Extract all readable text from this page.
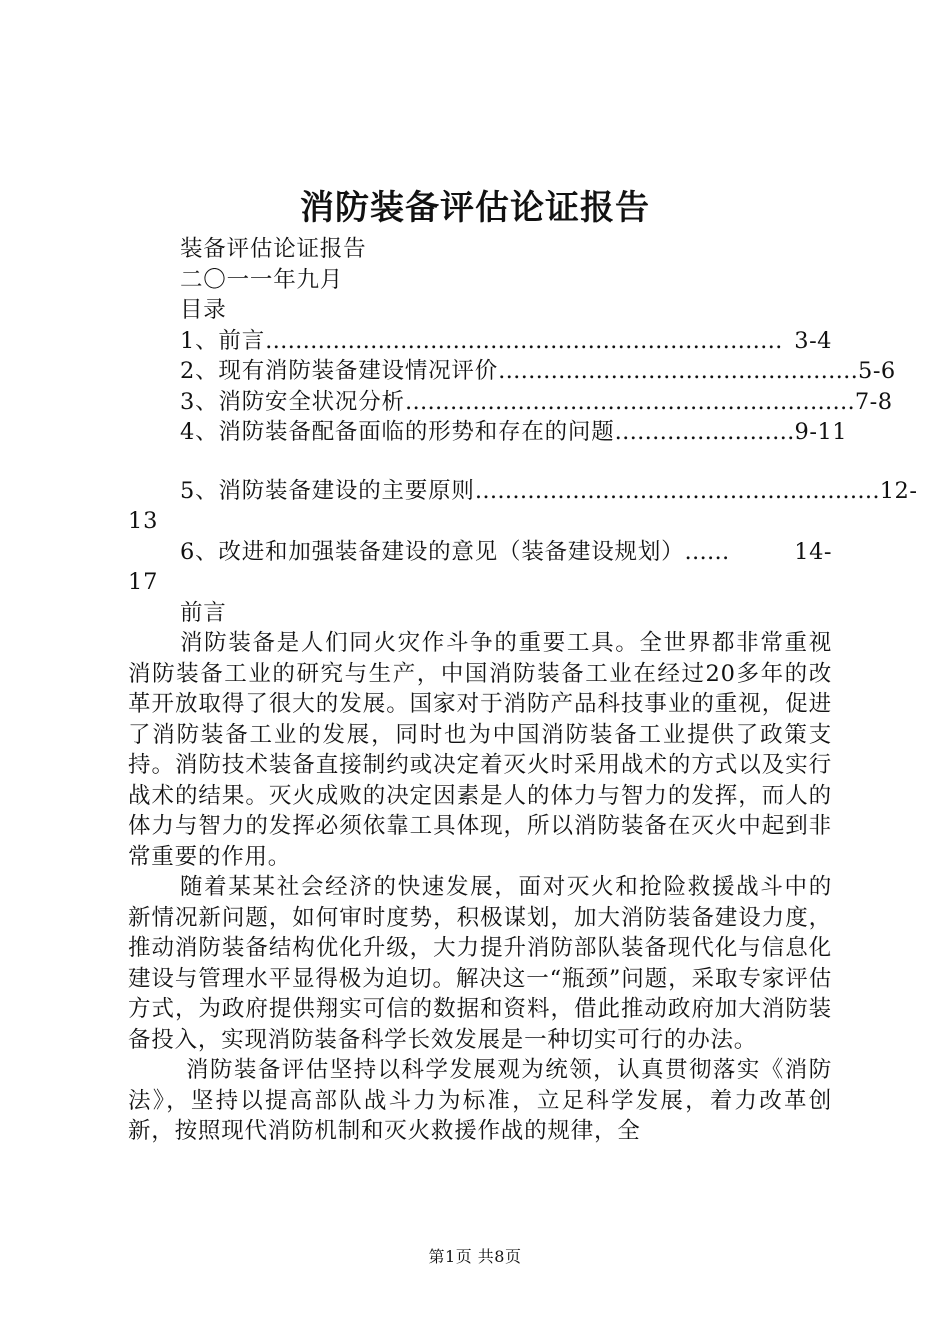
消防装备评估论证报告
装备评估论证报告
二〇一一年九月
目录
1、前言 …………………………………………………………… 3-4
2、现有消防装备建设情况评价 ………………………………………… 5-6
3、消防安全状况分析 …………………………………………………… 7-8
4、消防装备配备面临的形势和存在的问题 …………………… 9-11
5、消防装备建设的主要原则 ……………………………………………… 12-
13
6、改进和加强装备建设的意见（装备建设规划） ……	14-
17
前言

消防装备是人们同火灾作斗争的重要工具。全世界都非常重视消防装备工业的研究与生产，中国消防装备工业在经过20多年的改革开放取得了很大的发展。国家对于消防产品科技事业的重视，促进了消防装备工业的发展，同时也为中国消防装备工业提供了政策支持。消防技术装备直接制约或决定着灭火时采用战术的方式以及实行战术的结果。灭火成败的决定因素是人的体力与智力的发挥，而人的体力与智力的发挥必须依靠工具体现，所以消防装备在灭火中起到非常重要的作用。

随着某某社会经济的快速发展，面对灭火和抢险救援战斗中的新情况新问题，如何审时度势，积极谋划，加大消防装备建设力度，推动消防装备结构优化升级，大力提升消防部队装备现代化与信息化建设与管理水平显得极为迫切。解决这一“瓶颈”问题，采取专家评估方式，为政府提供翔实可信的数据和资料，借此推动政府加大消防装备投入，实现消防装备科学长效发展是一种切实可行的办法。

消防装备评估坚持以科学发展观为统领，认真贯彻落实《消防法》，坚持以提高部队战斗力为标准，立足科学发展，着力改革创新，按照现代消防机制和灭火救援作战的规律，全

第1页 共8页
